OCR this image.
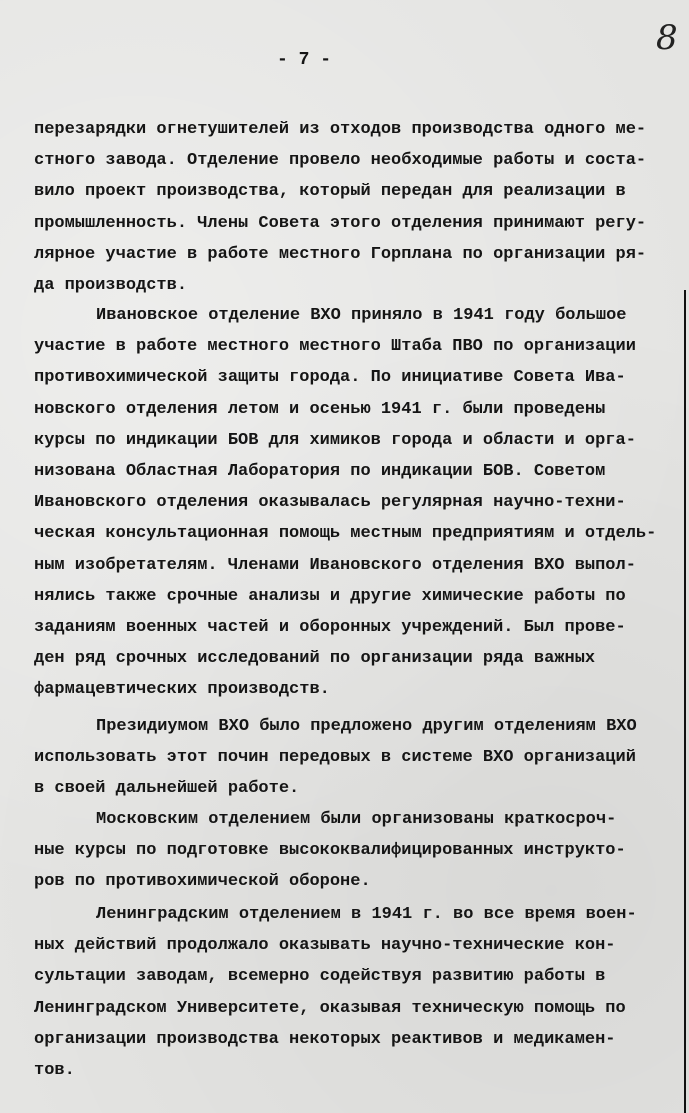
8
- 7 -
перезарядки огнетушителей из отходов производства одного ме-
стного завода. Отделение провело необходимые работы и соста-
вило проект производства, который передан для реализации в
промышленность. Члены Совета этого отделения принимают регу-
лярное участие в работе местного Горплана по организации ря-
да производств.
Ивановское отделение ВХО приняло в 1941 году большое
участие в работе местного местного Штаба ПВО по организации
противохимической защиты города. По инициативе Совета Ива-
новского отделения летом и осенью 1941 г. были проведены
курсы по индикации БОВ для химиков города и области и орга-
низована Областная Лаборатория по индикации БОВ. Советом
Ивановского отделения оказывалась регулярная научно-техни-
ческая консультационная помощь местным предприятиям и отдель-
ным изобретателям. Членами Ивановского отделения ВХО выпол-
нялись также срочные анализы и другие химические работы по
заданиям военных частей и оборонных учреждений. Был прове-
ден ряд срочных исследований по организации ряда важных
фармацевтических производств.
Президиумом ВХО было предложено другим отделениям ВХО
использовать этот почин передовых в системе ВХО организаций
в своей дальнейшей работе.
Московским отделением были организованы краткосроч-
ные курсы по подготовке высококвалифицированных инструкто-
ров по противохимической обороне.
Ленинградским отделением в 1941 г. во все время воен-
ных действий продолжало оказывать научно-технические кон-
сультации заводам, всемерно содействуя развитию работы в
Ленинградском Университете, оказывая техническую помощь по
организации производства некоторых реактивов и медикамен-
тов.
